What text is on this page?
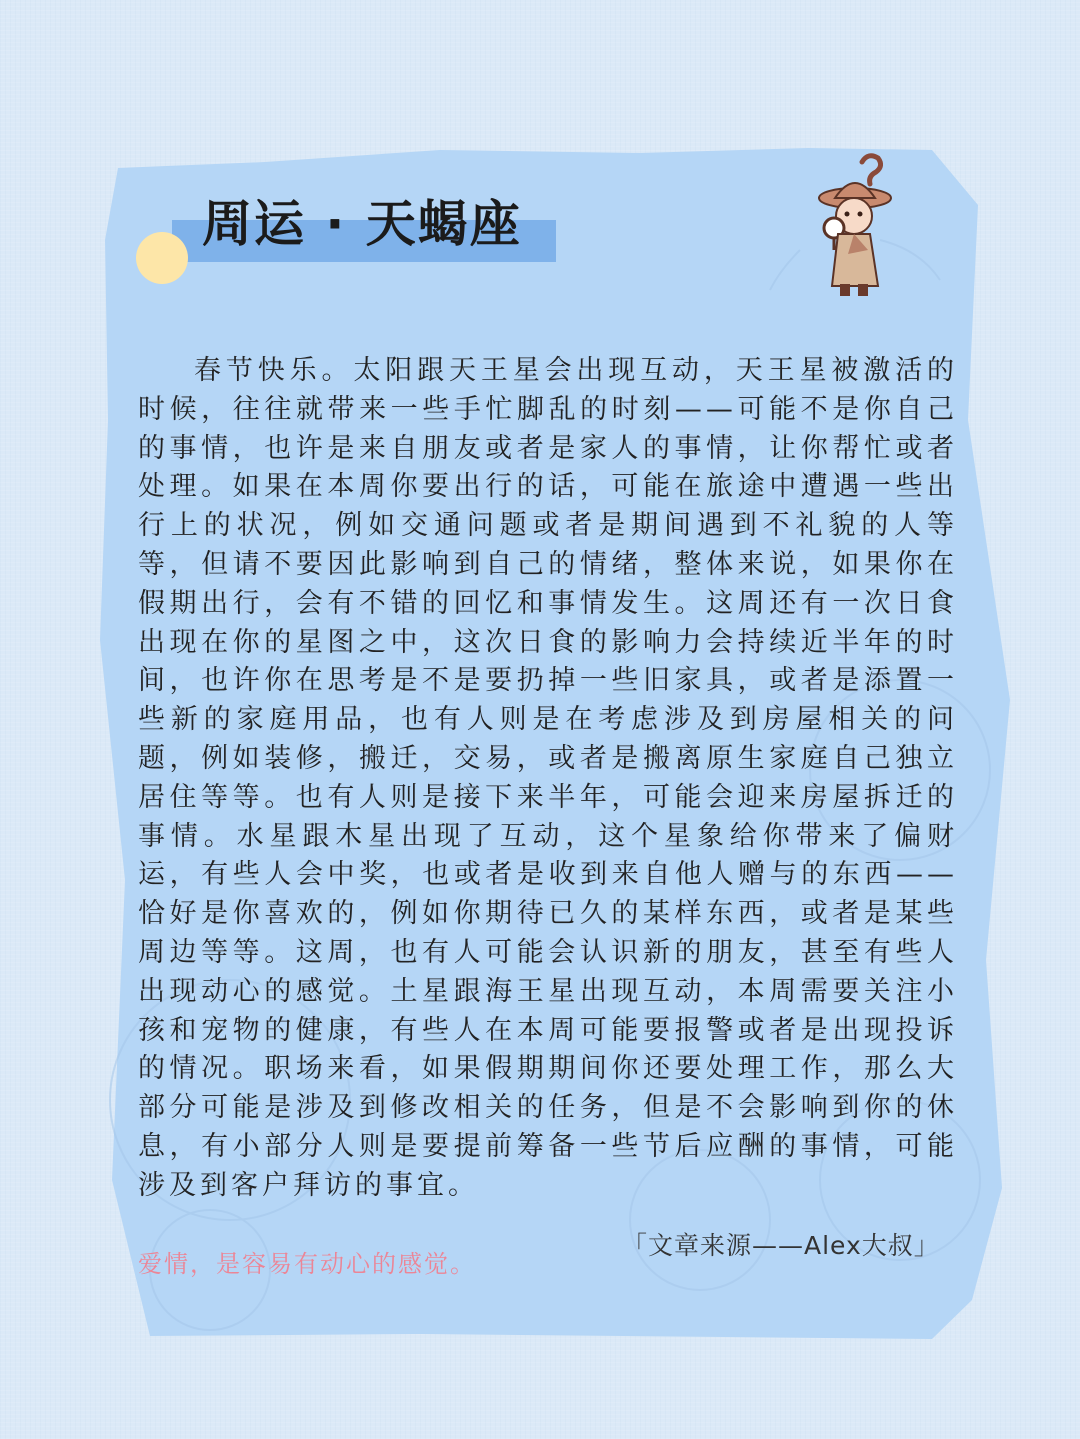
周运 · 天蝎座

春节快乐。太阳跟天王星会出现互动，天王星被激活的时候，往往就带来一些手忙脚乱的时刻——可能不是你自己的事情，也许是来自朋友或者是家人的事情，让你帮忙或者处理。如果在本周你要出行的话，可能在旅途中遭遇一些出行上的状况，例如交通问题或者是期间遇到不礼貌的人等等，但请不要因此影响到自己的情绪，整体来说，如果你在假期出行，会有不错的回忆和事情发生。这周还有一次日食出现在你的星图之中，这次日食的影响力会持续近半年的时间，也许你在思考是不是要扔掉一些旧家具，或者是添置一些新的家庭用品，也有人则是在考虑涉及到房屋相关的问题，例如装修，搬迁，交易，或者是搬离原生家庭自己独立居住等等。也有人则是接下来半年，可能会迎来房屋拆迁的事情。水星跟木星出现了互动，这个星象给你带来了偏财运，有些人会中奖，也或者是收到来自他人赠与的东西——恰好是你喜欢的，例如你期待已久的某样东西，或者是某些周边等等。这周，也有人可能会认识新的朋友，甚至有些人出现动心的感觉。土星跟海王星出现互动，本周需要关注小孩和宠物的健康，有些人在本周可能要报警或者是出现投诉的情况。职场来看，如果假期期间你还要处理工作，那么大部分可能是涉及到修改相关的任务，但是不会影响到你的休息，有小部分人则是要提前筹备一些节后应酬的事情，可能涉及到客户拜访的事宜。

爱情，是容易有动心的感觉。
「文章来源——Alex大叔」
